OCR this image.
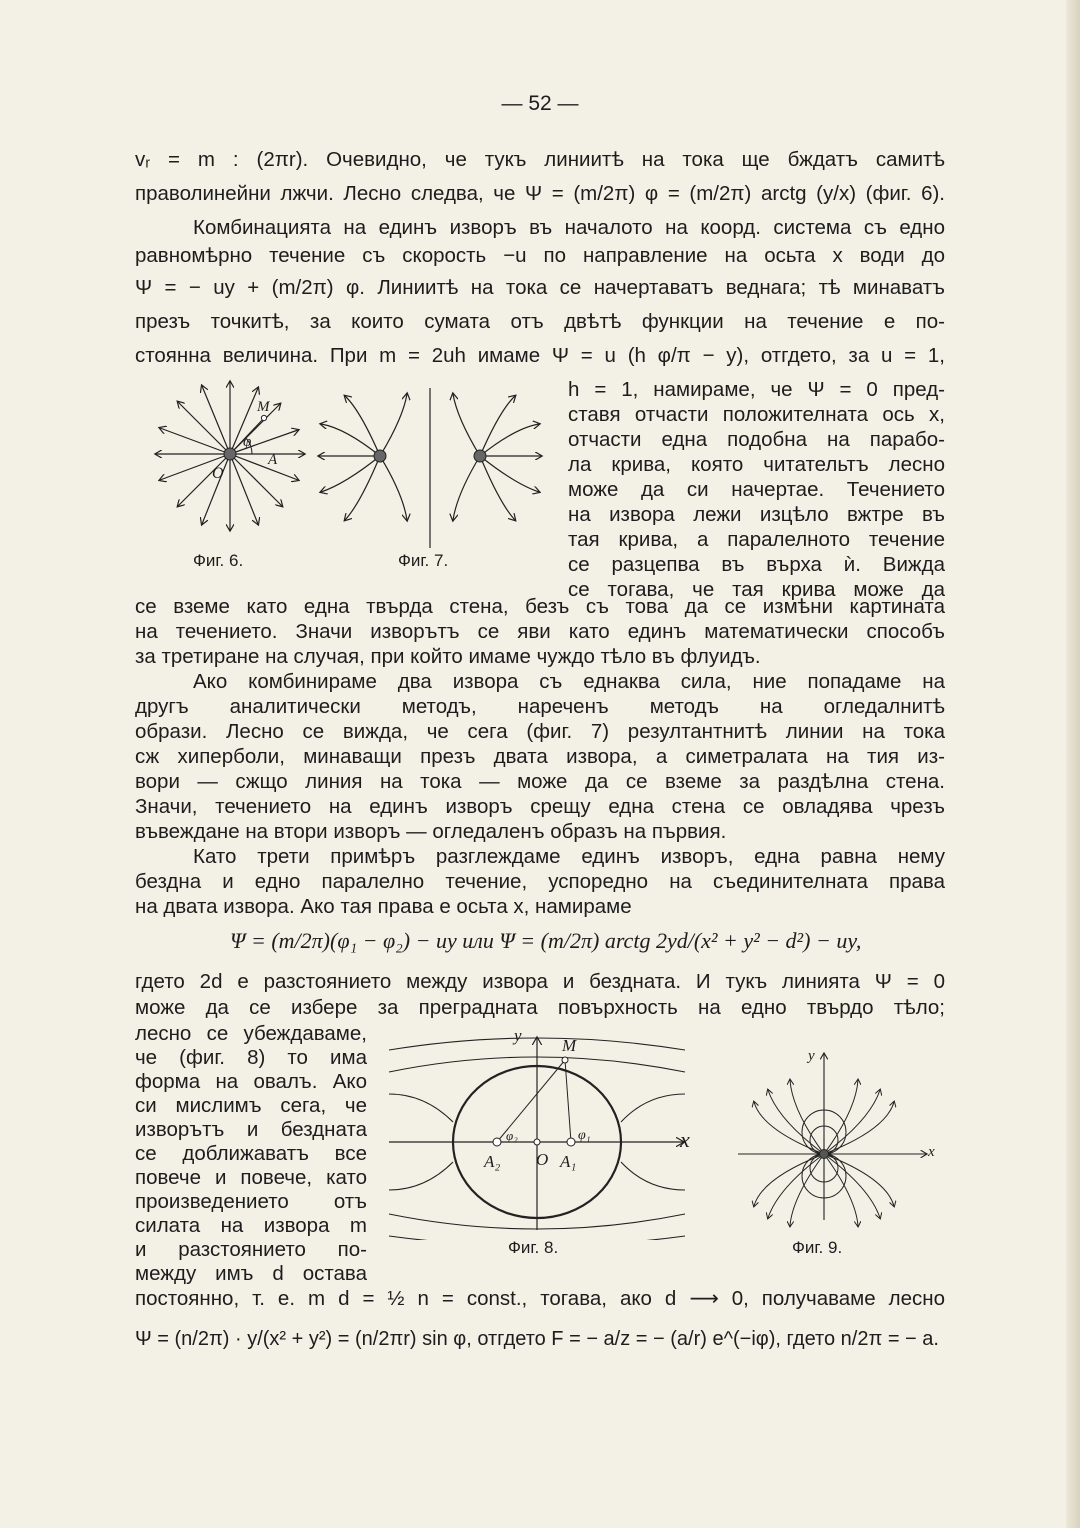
— 52 —
vᵣ = m : (2πr). Очевидно, че тукъ линиитѣ на тока ще бждатъ самитѣ
праволинейни лжчи. Лесно следва, че Ψ = (m/2π) φ = (m/2π) arctg (y/x) (фиг. 6).
Комбинацията на единъ изворъ въ началото на коорд. система съ едно
равномѣрно течение съ скорость −u по направление на осьта x води до
Ψ = − uy + (m/2π) φ. Линиитѣ на тока се начертаватъ веднага; тѣ минаватъ
презъ точкитѣ, за които сумата отъ двѣтѣ функции на течение е по-
стоянна величина. При m = 2uh имаме Ψ = u (h φ/π − y), отгдето, за u = 1,
h = 1, намираме, че Ψ = 0 пред-
ставя отчасти положителната ось x,
отчасти една подобна на парабо-
ла крива, която читательтъ лесно
може да си начертае. Течението
на извора лежи изцѣло вжтре въ
тая крива, а паралелното течение
се разцепва въ върха ѝ. Вижда
се тогава, че тая крива може да
M
φ
A
O
Фиг. 6.	Фиг. 7.
се вземе като една твърда стена, безъ съ това да се измѣни картината
на течението. Значи изворътъ се яви като единъ математически способъ
за третиране на случая, при който имаме чуждо тѣло въ флуидъ.
Ако комбинираме два извора съ еднаква сила, ние попадаме на
другъ аналитически методъ, нареченъ методъ на огледалнитѣ
образи. Лесно се вижда, че сега (фиг. 7) резултантнитѣ линии на тока
сж хиперболи, минаващи презъ двата извора, а симетралата на тия из-
вори — сжщо линия на тока — може да се вземе за раздѣлна стена.
Значи, течението на единъ изворъ срещу една стена се овладява чрезъ
въвеждане на втори изворъ — огледаленъ образъ на първия.
Като трети примѣръ разглеждаме единъ изворъ, една равна нему
бездна и едно паралелно течение, успоредно на съединителната права
на двата извора. Ако тая права е осьта x, намираме
Ψ = (m/2π)(φ₁ − φ₂) − uy или Ψ = (m/2π) arctg 2yd/(x² + y² − d²) − uy,
гдето 2d е разстоянието между извора и бездната. И тукъ линията Ψ = 0
може да се избере за преградната повърхность на едно твърдо тѣло;
лесно се убеждаваме,
че (фиг. 8) то има
форма на овалъ. Ако
си мислимъ сега, че
изворътъ и бездната
се доближаватъ все
повече и повече, като
произведението отъ
силата на извора m
и разстоянието по-
между имъ d остава
y
M
φ₂	φ₁
A₂ O A₁
x
Фиг. 8.
y
x
Фиг. 9.
постоянно, т. е. m d = ½ n = const., тогава, ако d ⟶ 0, получаваме лесно
Ψ = (n/2π) · y/(x² + y²) = (n/2πr) sin φ, отгдето F = − a/z = − (a/r) e^(−iφ), гдето n/2π = − a.
